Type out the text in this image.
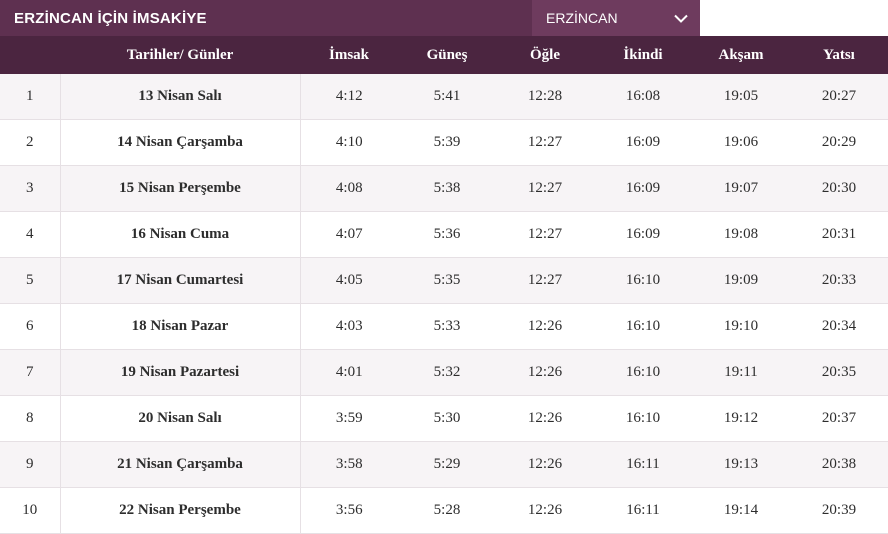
ERZİNCAN İÇİN İMSAKİYE	ERZİNCAN
	Tarihler/ Günler	İmsak	Güneş	Öğle	İkindi	Akşam	Yatsı
1	13 Nisan Salı	4:12	5:41	12:28	16:08	19:05	20:27
2	14 Nisan Çarşamba	4:10	5:39	12:27	16:09	19:06	20:29
3	15 Nisan Perşembe	4:08	5:38	12:27	16:09	19:07	20:30
4	16 Nisan Cuma	4:07	5:36	12:27	16:09	19:08	20:31
5	17 Nisan Cumartesi	4:05	5:35	12:27	16:10	19:09	20:33
6	18 Nisan Pazar	4:03	5:33	12:26	16:10	19:10	20:34
7	19 Nisan Pazartesi	4:01	5:32	12:26	16:10	19:11	20:35
8	20 Nisan Salı	3:59	5:30	12:26	16:10	19:12	20:37
9	21 Nisan Çarşamba	3:58	5:29	12:26	16:11	19:13	20:38
10	22 Nisan Perşembe	3:56	5:28	12:26	16:11	19:14	20:39
